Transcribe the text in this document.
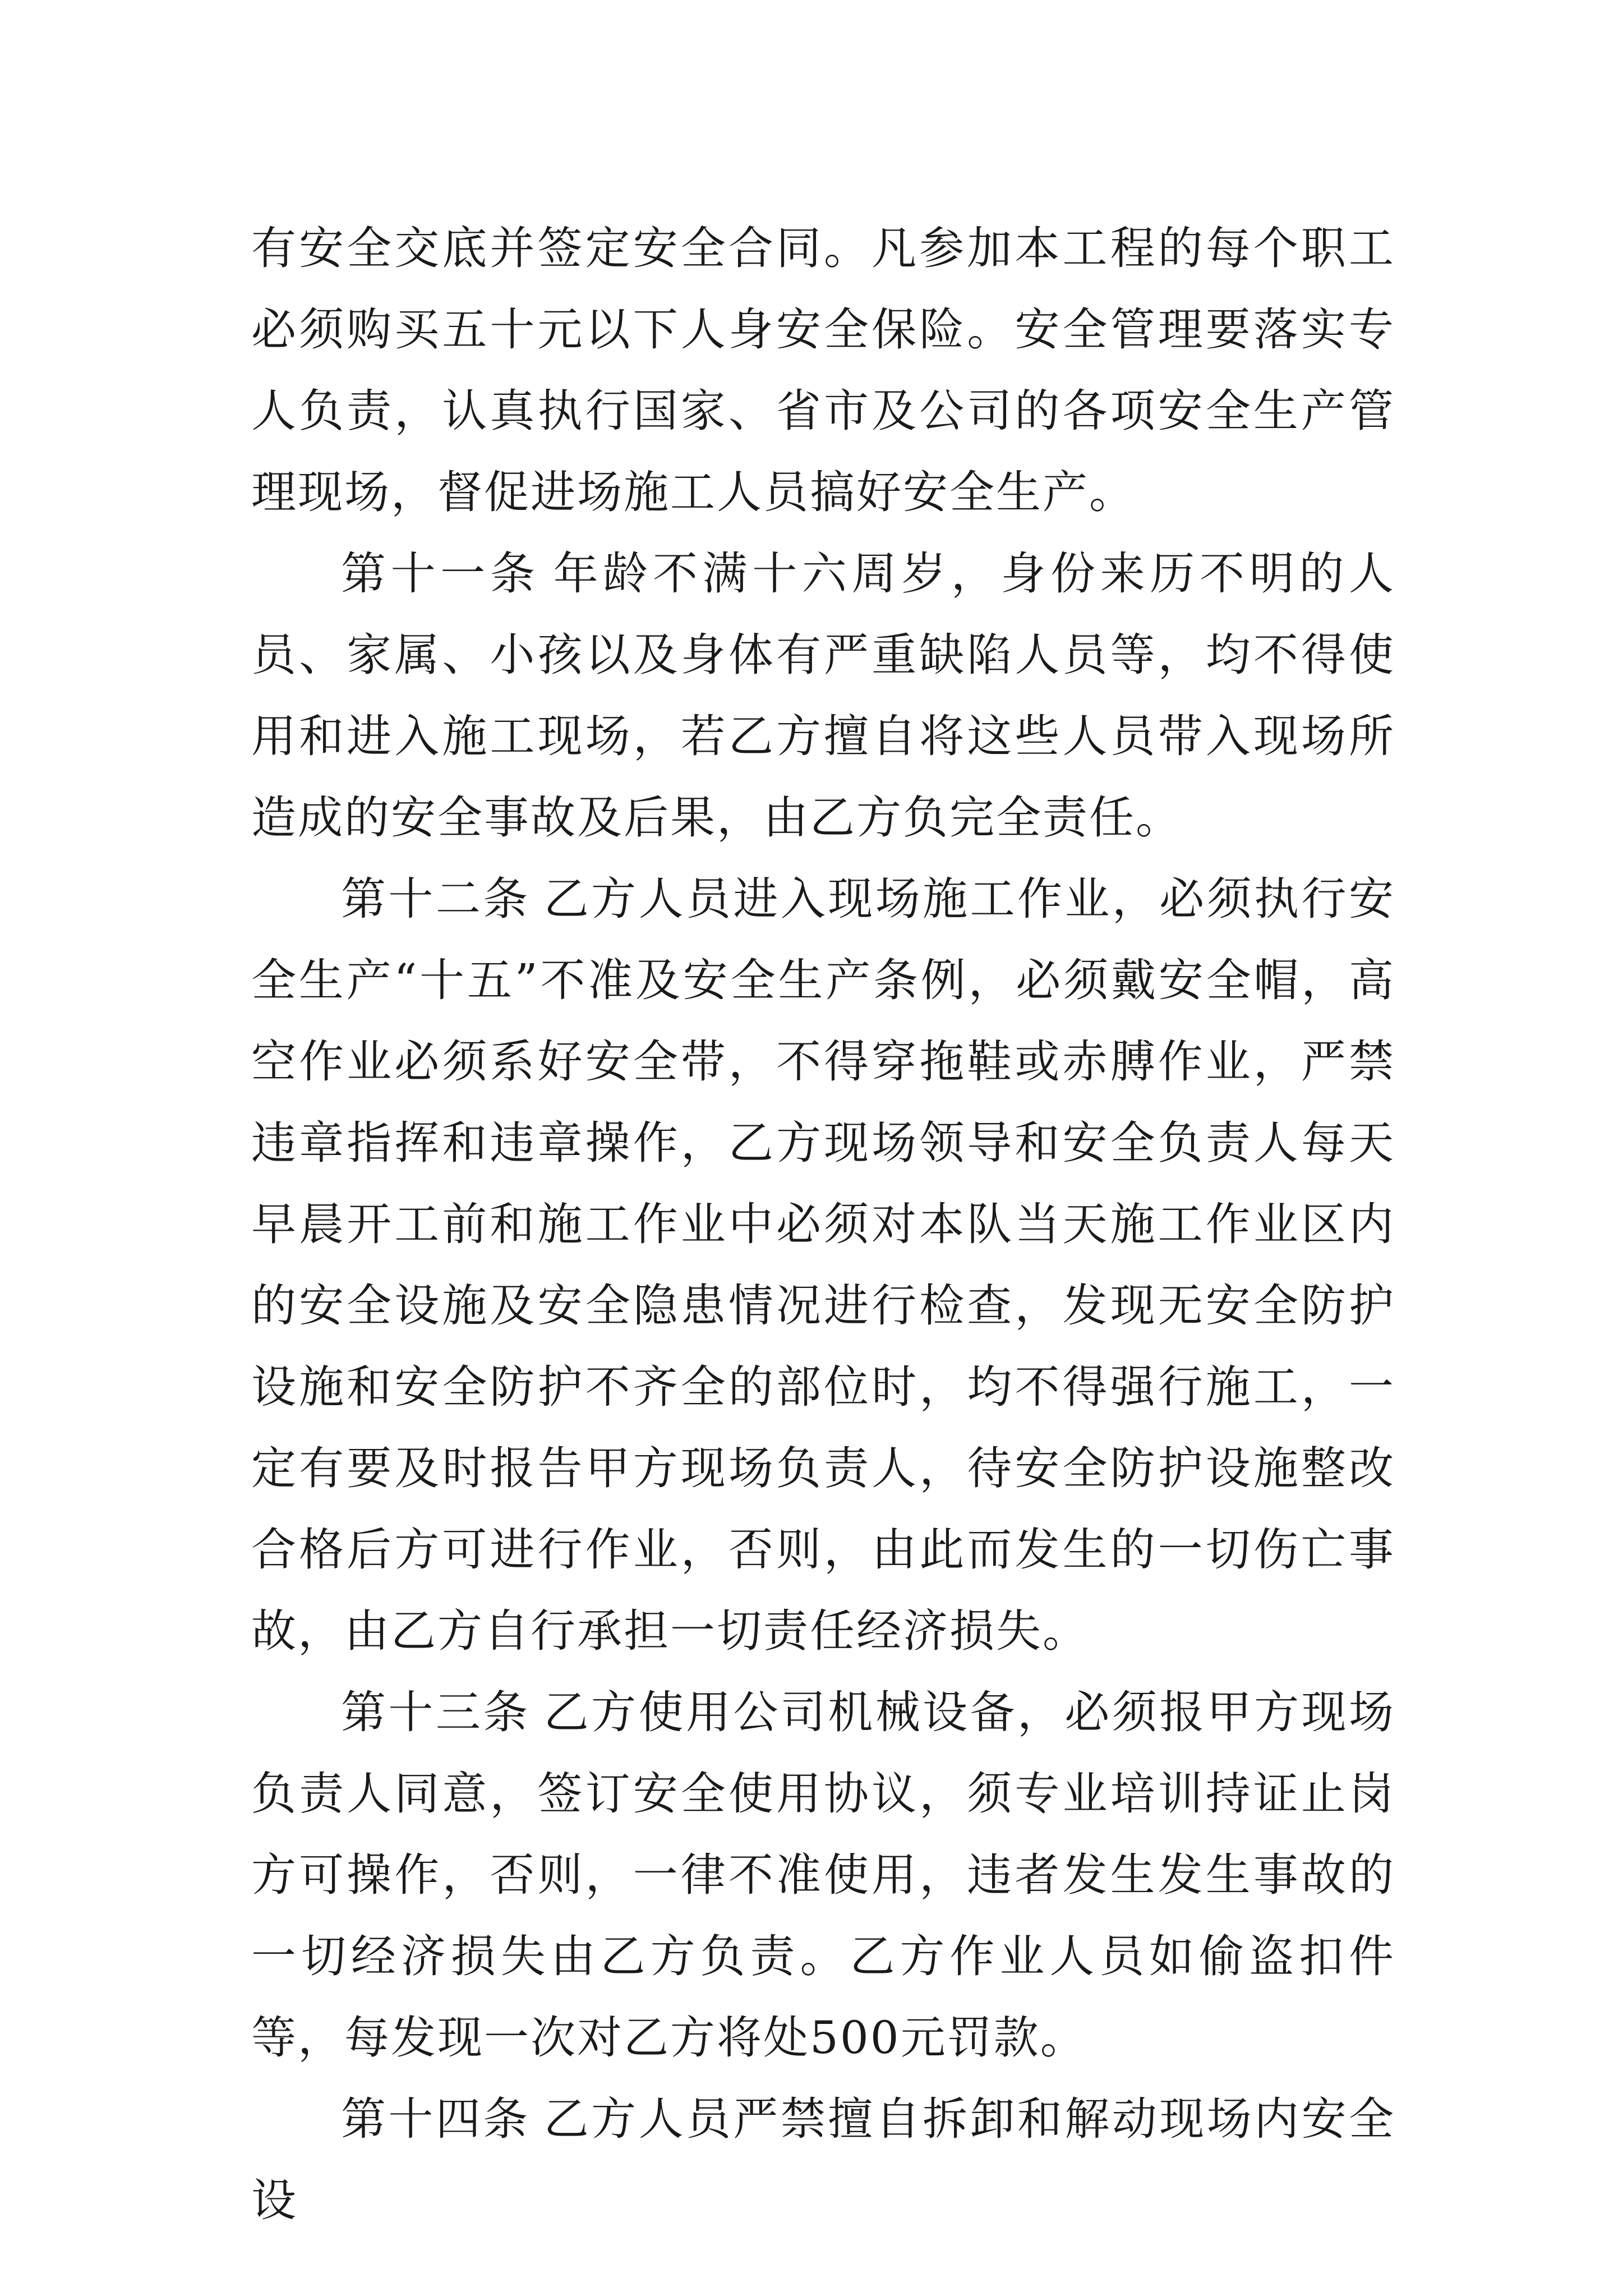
有安全交底并签定安全合同。凡参加本工程的每个职工必须购买五十元以下人身安全保险。安全管理要落实专人负责，认真执行国家、省市及公司的各项安全生产管理现场，督促进场施工人员搞好安全生产。

第十一条 年龄不满十六周岁，身份来历不明的人员、家属、小孩以及身体有严重缺陷人员等，均不得使用和进入施工现场，若乙方擅自将这些人员带入现场所造成的安全事故及后果，由乙方负完全责任。

第十二条 乙方人员进入现场施工作业，必须执行安全生产“十五”不准及安全生产条例，必须戴安全帽，高空作业必须系好安全带，不得穿拖鞋或赤膊作业，严禁违章指挥和违章操作，乙方现场领导和安全负责人每天早晨开工前和施工作业中必须对本队当天施工作业区内的安全设施及安全隐患情况进行检查，发现无安全防护设施和安全防护不齐全的部位时，均不得强行施工，一定有要及时报告甲方现场负责人，待安全防护设施整改合格后方可进行作业，否则，由此而发生的一切伤亡事故，由乙方自行承担一切责任经济损失。

第十三条 乙方使用公司机械设备，必须报甲方现场负责人同意，签订安全使用协议，须专业培训持证止岗方可操作，否则，一律不准使用，违者发生发生事故的一切经济损失由乙方负责。乙方作业人员如偷盗扣件等，每发现一次对乙方将处500元罚款。

第十四条 乙方人员严禁擅自拆卸和解动现场内安全设
